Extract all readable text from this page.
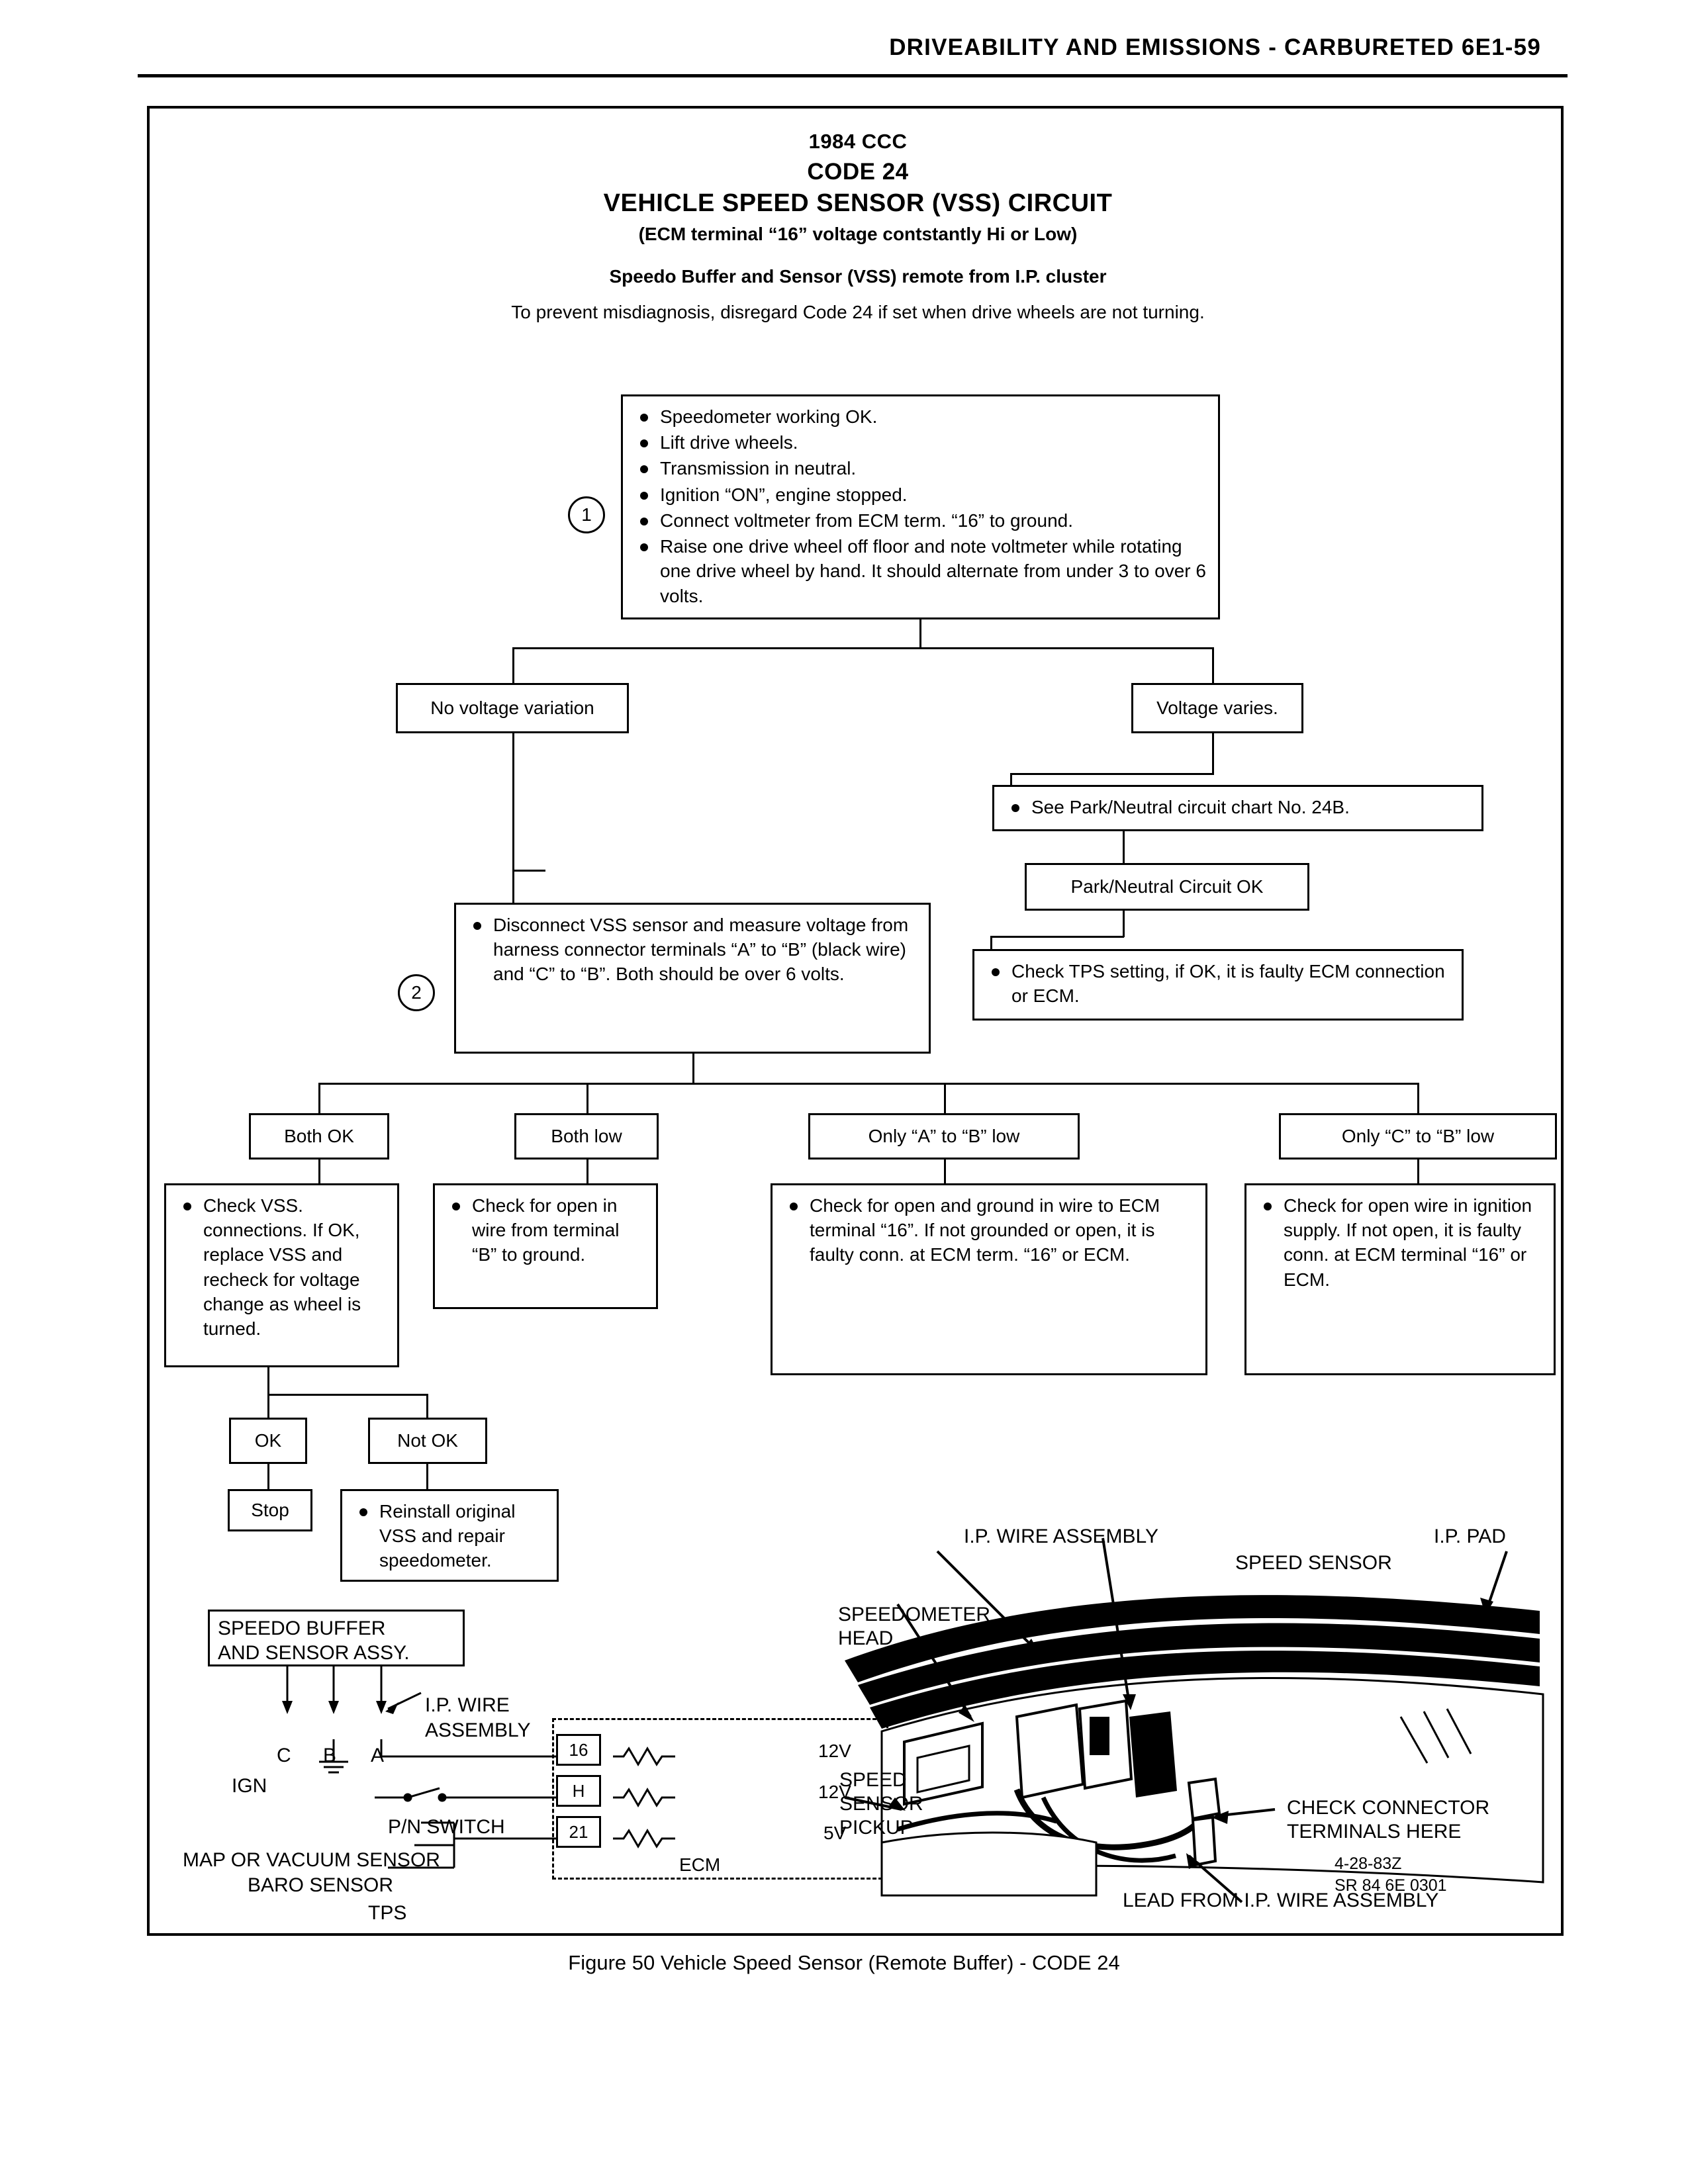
DRIVEABILITY AND EMISSIONS - CARBURETED 6E1-59
1984 CCC
CODE 24
VEHICLE SPEED SENSOR (VSS) CIRCUIT
(ECM terminal “16” voltage contstantly Hi or Low)
Speedo Buffer and Sensor (VSS) remote from I.P. cluster
To prevent misdiagnosis, disregard Code 24 if set when drive wheels are not turning.
1
Speedometer working OK.
Lift drive wheels.
Transmission in neutral.
Ignition “ON”, engine stopped.
Connect voltmeter from ECM term. “16” to ground.
Raise one drive wheel off floor and note voltmeter while rotating one drive wheel by hand. It should alternate from under 3 to over 6 volts.
No voltage variation	Voltage varies.
See Park/Neutral circuit chart No. 24B.
Park/Neutral Circuit OK
Check TPS setting, if OK, it is faulty ECM connection or ECM.
2
Disconnect VSS sensor and measure voltage from harness connector terminals “A” to “B” (black wire) and “C” to “B”. Both should be over 6 volts.
Both OK	Both low	Only “A” to “B” low	Only “C” to “B” low
Check VSS. connections. If OK, replace VSS and recheck for voltage change as wheel is turned.
Check for open in wire from terminal “B” to ground.
Check for open and ground in wire to ECM terminal “16”. If not grounded or open, it is faulty conn. at ECM term. “16” or ECM.
Check for open wire in ignition supply. If not open, it is faulty conn. at ECM terminal “16” or ECM.
OK	Not OK
Stop	Reinstall original VSS and repair speedometer.
SPEEDO BUFFER
AND SENSOR ASSY.
C B A
IGN
I.P. WIRE
ASSEMBLY
P/N SWITCH
MAP OR VACUUM SENSOR
BARO SENSOR
TPS
16
H
21
12V
12V
5V
ECM
I.P. WIRE ASSEMBLY
SPEED SENSOR
I.P. PAD
SPEEDOMETER
HEAD
SPEED
SENSOR
PICKUP
CHECK CONNECTOR
TERMINALS HERE
LEAD FROM I.P. WIRE ASSEMBLY
4-28-83Z
SR 84 6E 0301
Figure 50 Vehicle Speed Sensor (Remote Buffer) - CODE 24
